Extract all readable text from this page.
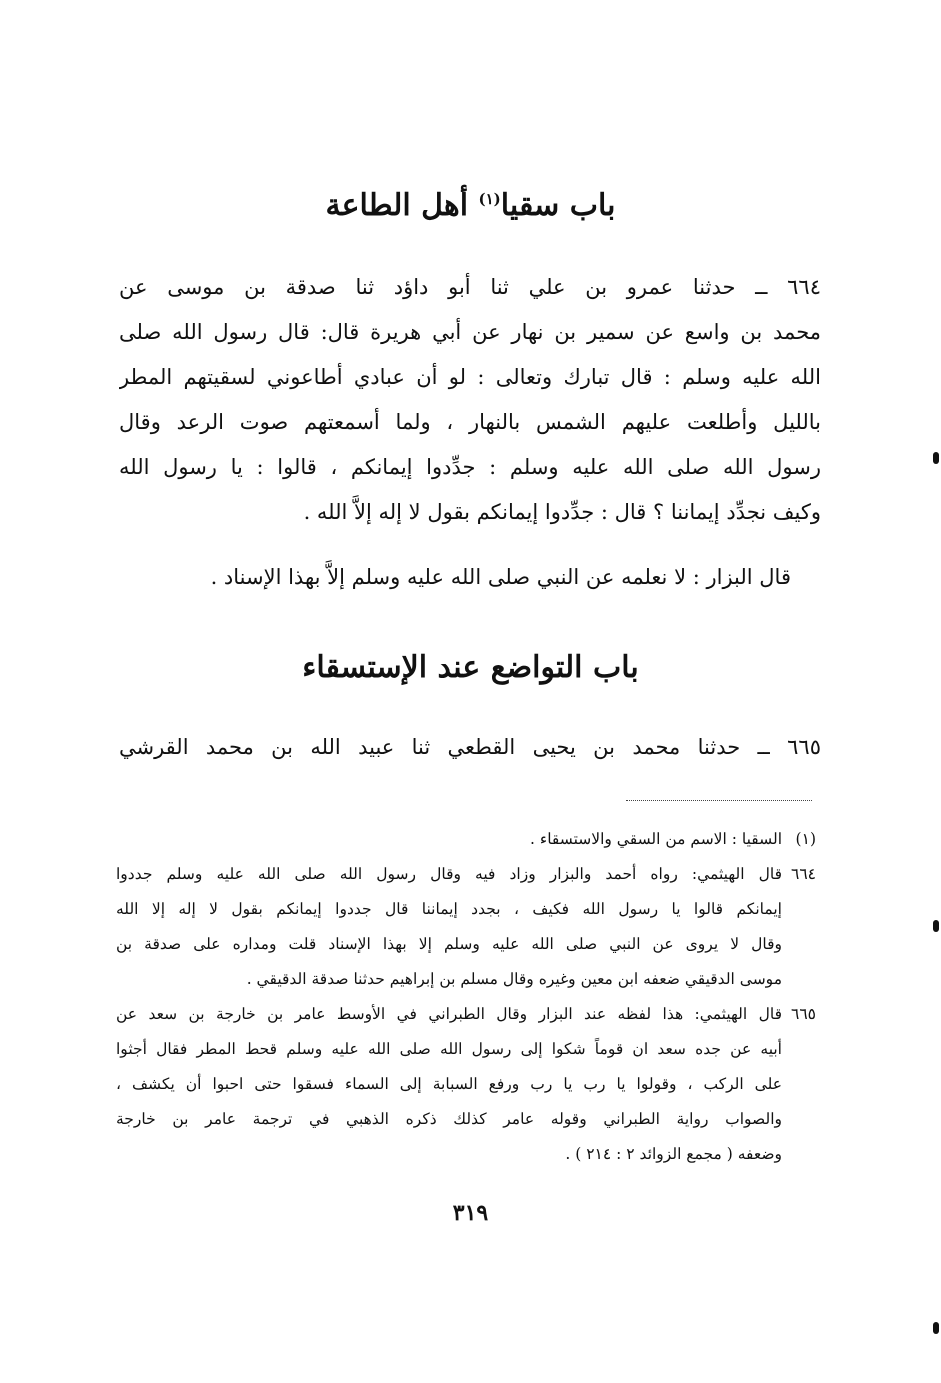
باب سقيا$^{(١)}$ أهل الطاعة
٦٦٤ ــ حدثنا عمرو بن علي ثنا أبو داؤد ثنا صدقة بن موسى عن
محمد بن واسع عن سمير بن نهار عن أبي هريرة قال: قال رسول الله صلى
الله عليه وسلم : قال تبارك وتعالى : لو أن عبادي أطاعوني لسقيتهم المطر
بالليل وأطلعت عليهم الشمس بالنهار ، ولما أسمعتهم صوت الرعد وقال
رسول الله صلى الله عليه وسلم : جدِّدوا إيمانكم ، قالوا : يا رسول الله
وكيف نجدِّد إيماننا ؟ قال : جدِّدوا إيمانكم بقول لا إله إلاَّ الله .
قال البزار : لا نعلمه عن النبي صلى الله عليه وسلم إلاَّ بهذا الإسناد .
باب التواضع عند الإستسقاء
٦٦٥ ــ حدثنا محمد بن يحيى القطعي ثنا عبيد الله بن محمد القرشي
(١)
السقيا : الاسم من السقي والاستسقاء .
٦٦٤
قال الهيثمي: رواه أحمد والبزار وزاد فيه وقال رسول الله صلى الله عليه وسلم جددوا
إيمانكم قالوا يا رسول الله فكيف ، بجدد إيماننا قال جددوا إيمانكم بقول لا إله إلا الله
وقال لا يروى عن النبي صلى الله عليه وسلم إلا بهذا الإسناد قلت ومداره على صدقة بن
موسى الدقيقي ضعفه ابن معين وغيره وقال مسلم بن إبراهيم حدثنا صدقة الدقيقي .
٦٦٥
قال الهيثمي: هذا لفظه عند البزار وقال الطبراني في الأوسط عامر بن خارجة بن سعد عن
أبيه عن جده سعد ان قوماً شكوا إلى رسول الله صلى الله عليه وسلم قحط المطر فقال أجثوا
على الركب ، وقولوا يا رب يا رب ورفع السبابة إلى السماء فسقوا حتى احبوا أن يكشف ،
والصواب رواية الطبراني وقوله عامر كذلك ذكره الذهبي في ترجمة عامر بن خارجة
وضعفه ( مجمع الزوائد ٢ : ٢١٤ ) .
٣١٩
